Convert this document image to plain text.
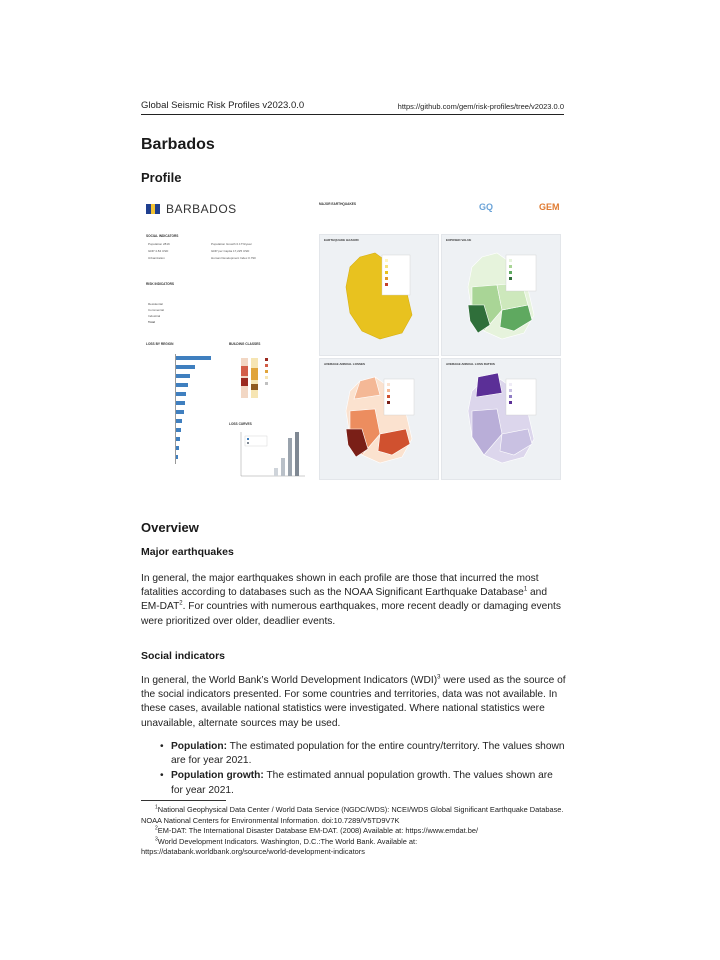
Global Seismic Risk Profiles v2023.0.0	https://github.com/gem/risk-profiles/tree/v2023.0.0
Barbados
Profile
BARBADOS	MAJOR EARTHQUAKES	GQ	GEM
SOCIAL INDICATORS
Population 281K	Population Growth 0.17%/year
GDP 4.84 USD	GDP per Capita 17,225 USD
Urbanization	Human Development Index 0.790
RISK INDICATORS
Residential
Commercial
Industrial
Total
LOSS BY REGION	BUILDING CLASSES
LOSS CURVES
EARTHQUAKE HAZARD	EXPOSED VALUE
AVERAGE ANNUAL LOSSES	AVERAGE ANNUAL LOSS RATIOS
Overview
Major earthquakes

In general, the major earthquakes shown in each profile are those that incurred the most fatalities according to databases such as the NOAA Significant Earthquake Database$^1$ and EM-DAT$^2$. For countries with numerous earthquakes, more recent deadly or damaging events were prioritized over older, deadlier events.

Social indicators

In general, the World Bank’s World Development Indicators (WDI)$^3$ were used as the source of the social indicators presented. For some countries and territories, data was not available. In these cases, available national statistics were investigated. Where national statistics were unavailable, alternate sources may be used.

• Population: The estimated population for the entire country/territory. The values shown are for year 2021.
• Population growth: The estimated annual population growth. The values shown are for year 2021.

$^1$National Geophysical Data Center / World Data Service (NGDC/WDS): NCEI/WDS Global Significant Earthquake Database. NOAA National Centers for Environmental Information. doi:10.7289/V5TD9V7K

$^2$EM-DAT: The International Disaster Database EM-DAT. (2008) Available at: https://www.emdat.be/

$^3$World Development Indicators. Washington, D.C.:The World Bank. Available at: https://databank.worldbank.org/source/world-development-indicators
